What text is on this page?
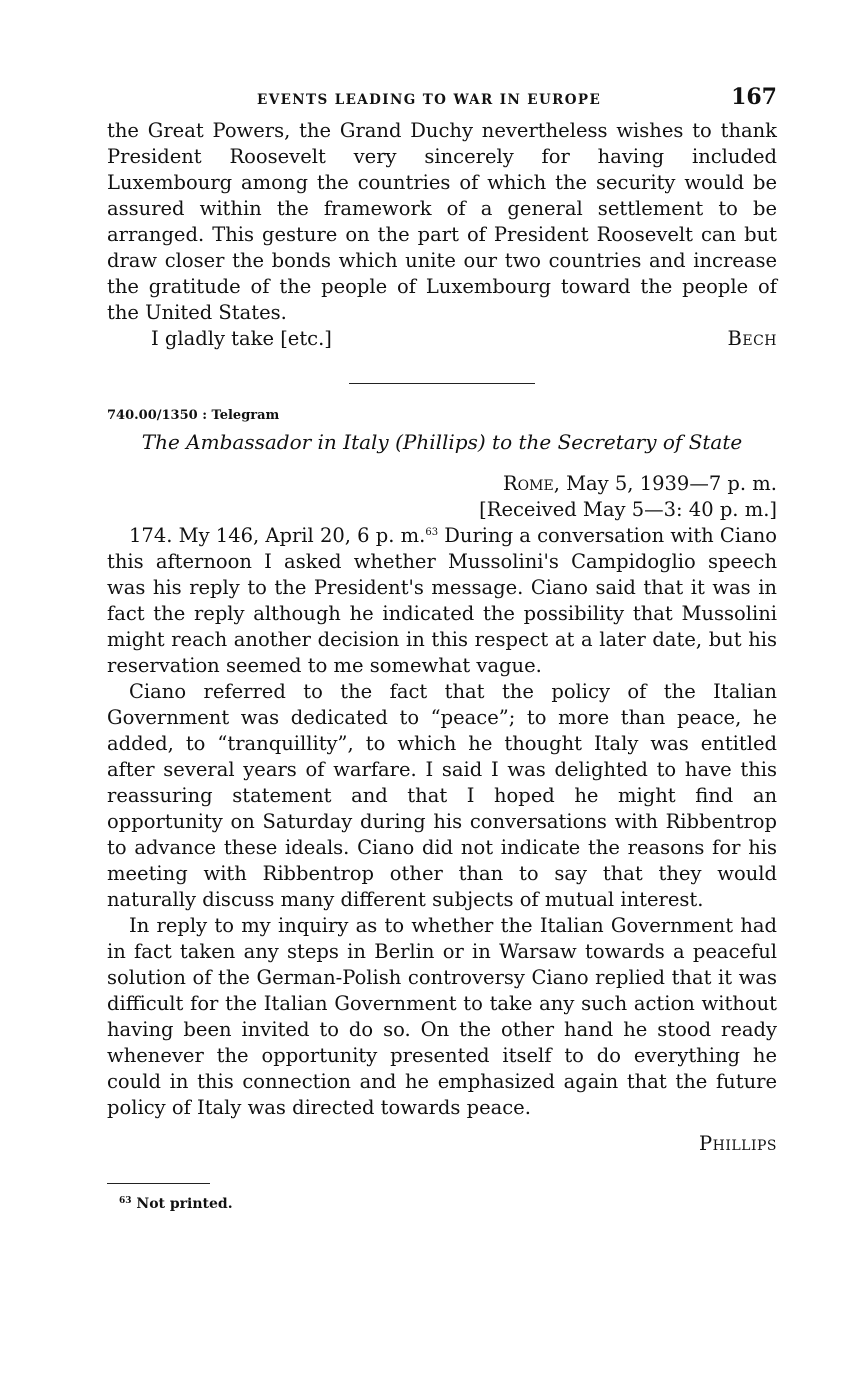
EVENTS LEADING TO WAR IN EUROPE	167

the Great Powers, the Grand Duchy nevertheless wishes to thank President Roosevelt very sincerely for having included Luxembourg among the countries of which the security would be assured within the framework of a general settlement to be arranged. This gesture on the part of President Roosevelt can but draw closer the bonds which unite our two countries and increase the gratitude of the people of Luxembourg toward the people of the United States.

I gladly take [etc.]	Bech
740.00/1350 : Telegram
The Ambassador in Italy (Phillips) to the Secretary of State
Rome, May 5, 1939—7 p. m.
[Received May 5—3: 40 p. m.]

174. My 146, April 20, 6 p. m.$^{63}$ During a conversation with Ciano this afternoon I asked whether Mussolini's Campidoglio speech was his reply to the President's message. Ciano said that it was in fact the reply although he indicated the possibility that Mussolini might reach another decision in this respect at a later date, but his reservation seemed to me somewhat vague.

Ciano referred to the fact that the policy of the Italian Government was dedicated to “peace”; to more than peace, he added, to “tranquillity”, to which he thought Italy was entitled after several years of warfare. I said I was delighted to have this reassuring statement and that I hoped he might find an opportunity on Saturday during his conversations with Ribbentrop to advance these ideals. Ciano did not indicate the reasons for his meeting with Ribbentrop other than to say that they would naturally discuss many different subjects of mutual interest.

In reply to my inquiry as to whether the Italian Government had in fact taken any steps in Berlin or in Warsaw towards a peaceful solution of the German-Polish controversy Ciano replied that it was difficult for the Italian Government to take any such action without having been invited to do so. On the other hand he stood ready whenever the opportunity presented itself to do everything he could in this connection and he emphasized again that the future policy of Italy was directed towards peace.

Phillips
$^{63}$ Not printed.
